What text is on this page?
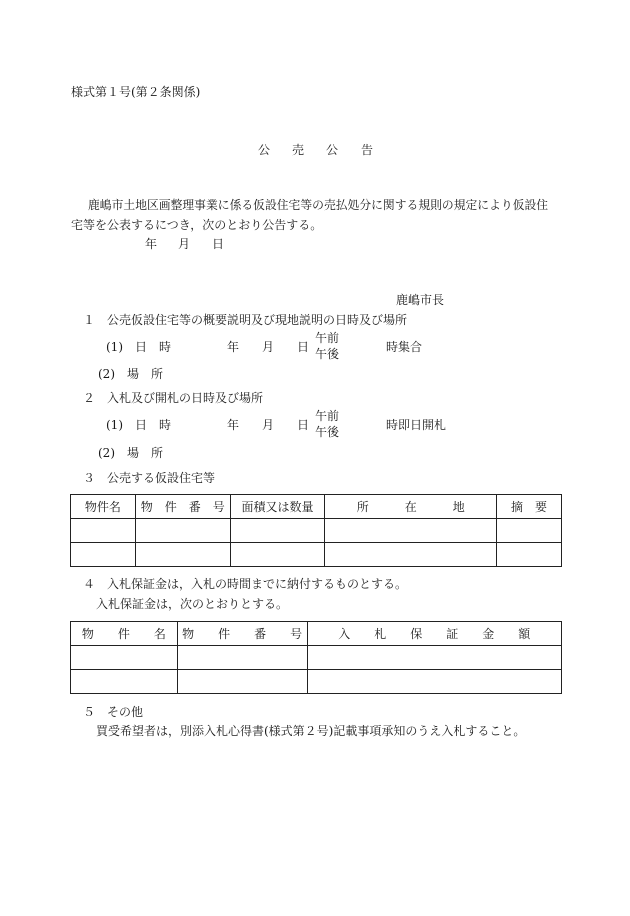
様式第１号(第２条関係)
公 売 公 告
鹿嶋市土地区画整理事業に係る仮設住宅等の売払処分に関する規則の規定により仮設住
宅等を公表するにつき，次のとおり公告する。
年 月 日
鹿嶋市長
１　公売仮設住宅等の概要説明及び現地説明の日時及び場所
(1)　日　時	年 月 日
午前
午後	時集合
(2)　場　所
２　入札及び開札の日時及び場所
(1)　日　時	年 月 日
午前
午後	時即日開札
(2)　場　所
３　公売する仮設住宅等
物件名	物　件　番　号	面積又は数量	所　　　在　　　地	摘　要

４　入札保証金は，入札の時間までに納付するものとする。
入札保証金は，次のとおりとする。
物　　件　　名	物　　件　　番　　号	入　　札　　保　　証　　金　　額

５　その他
買受希望者は，別添入札心得書(様式第２号)記載事項承知のうえ入札すること。
